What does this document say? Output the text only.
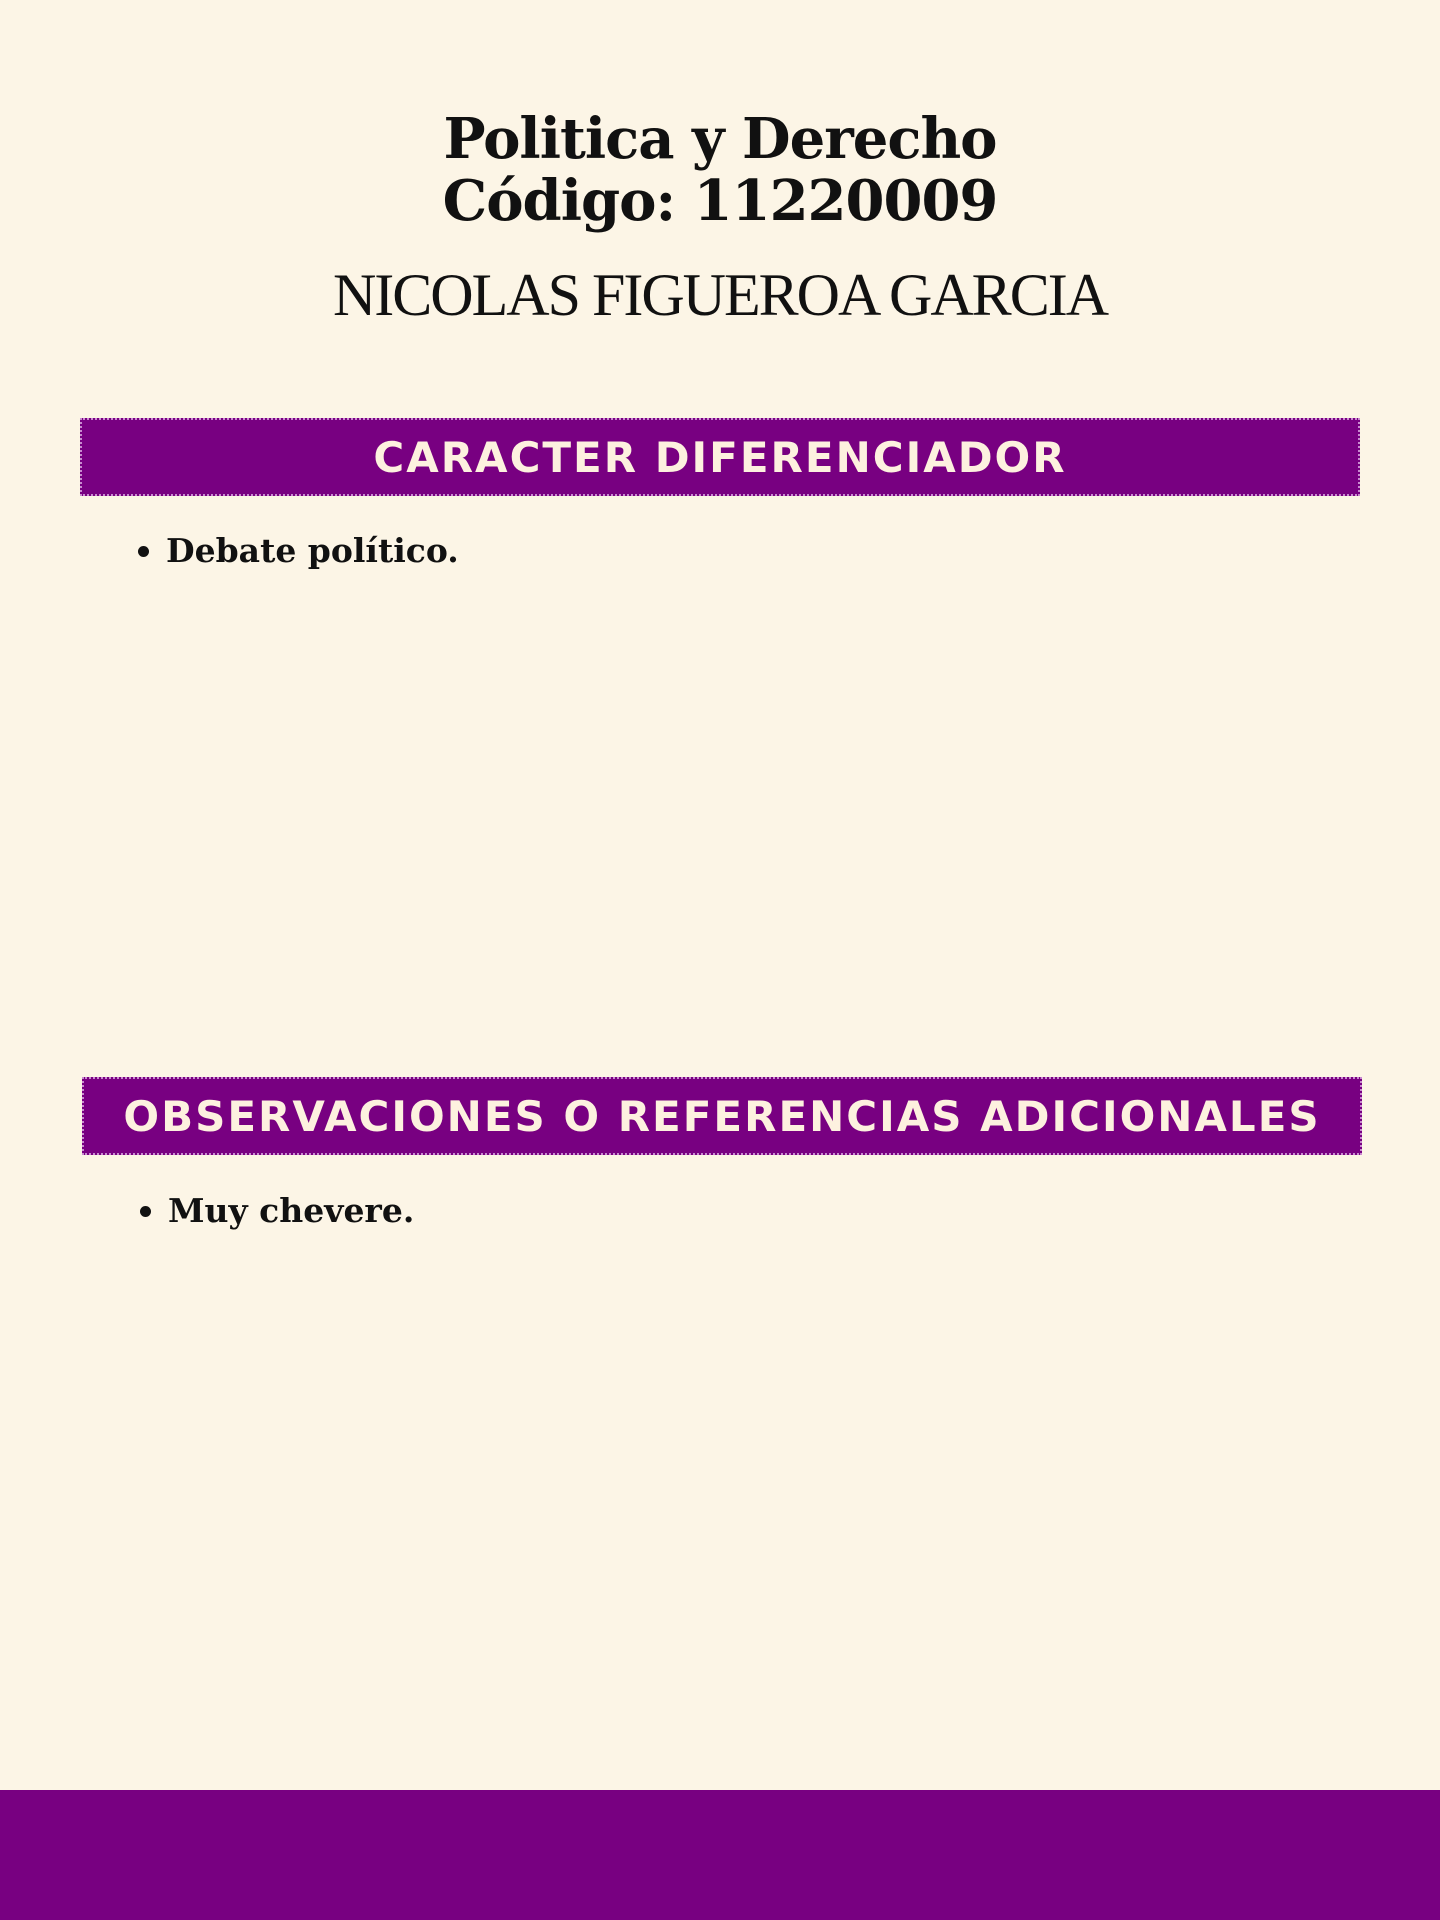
Politica y Derecho
Código: 11220009
NICOLAS FIGUEROA GARCIA
CARACTER DIFERENCIADOR
Debate político.
OBSERVACIONES O REFERENCIAS ADICIONALES
Muy chevere.
